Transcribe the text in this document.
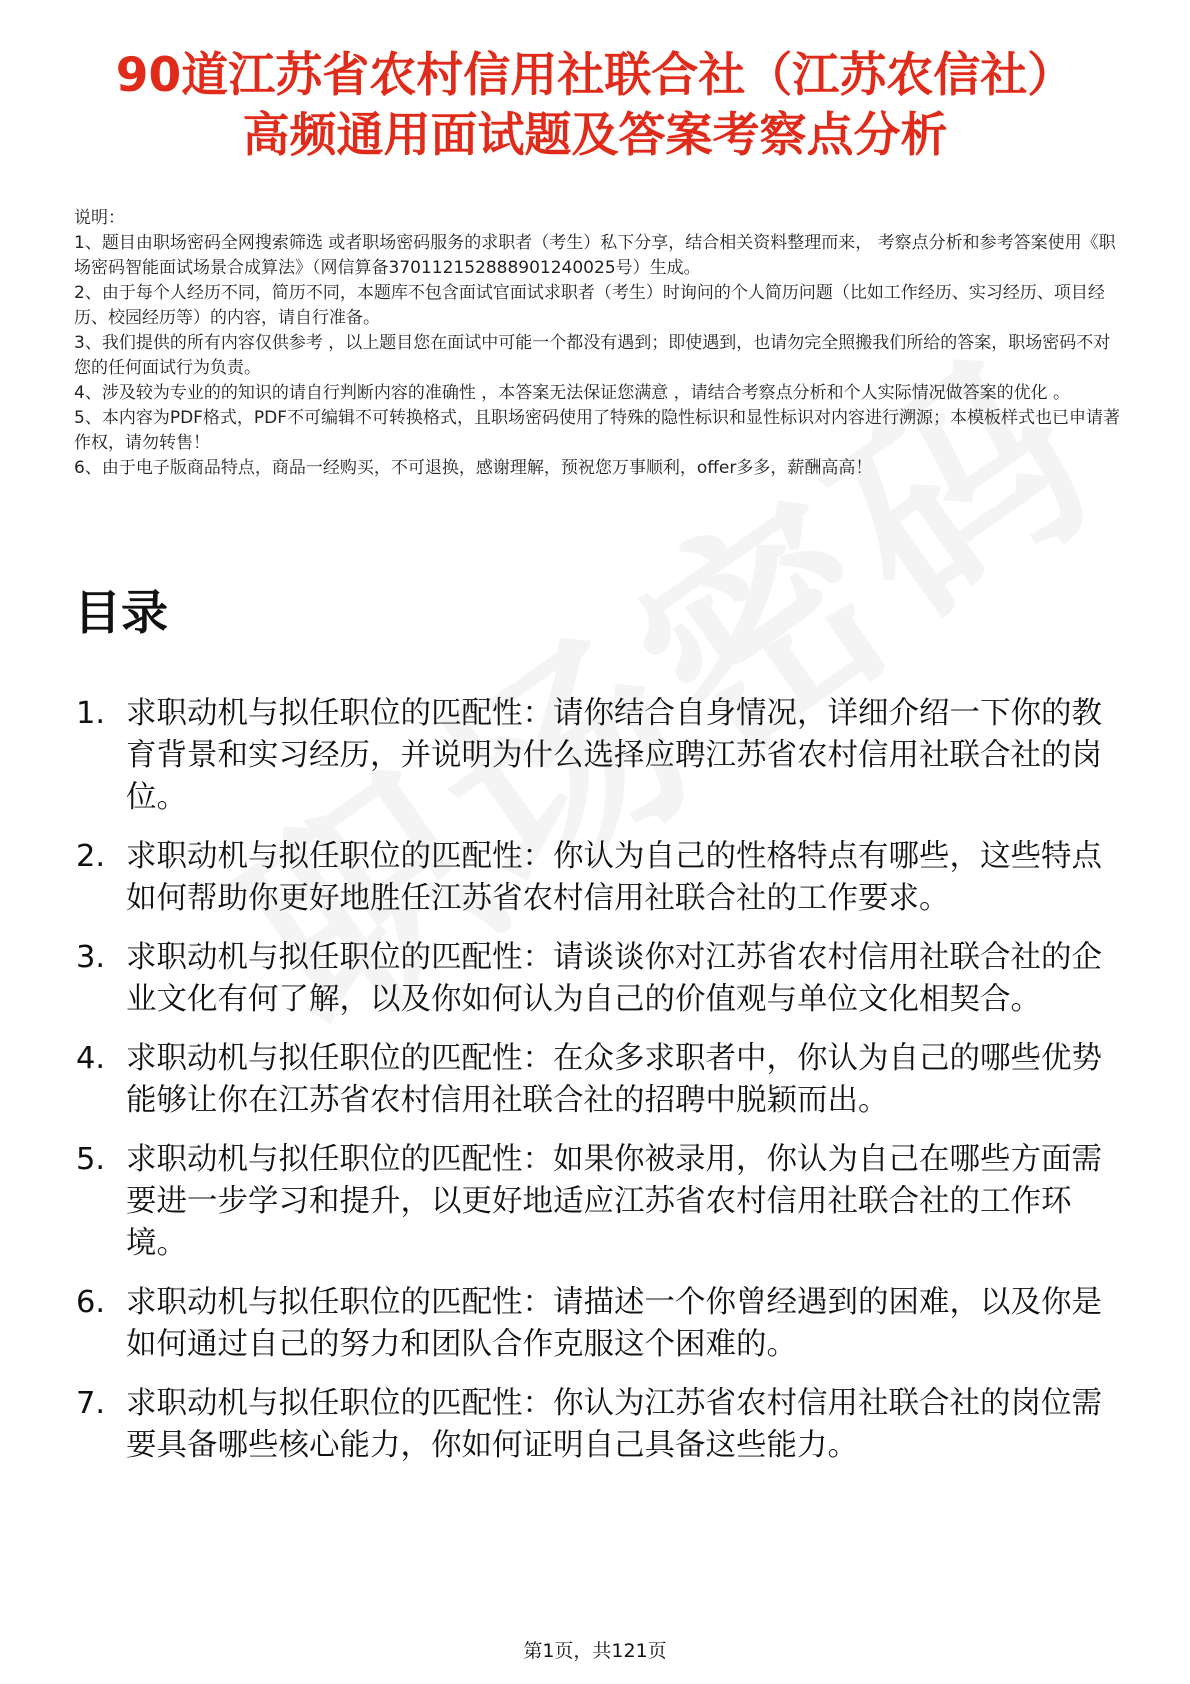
90道江苏省农村信用社联合社（江苏农信社）
高频通用面试题及答案考察点分析

说明：

1、题目由职场密码全网搜索筛选 或者职场密码服务的求职者（考生）私下分享，结合相关资料整理而来， 考察点分析和参考答案使用《职场密码智能面试场景合成算法》（网信算备370112152888901240025号）生成。

2、由于每个人经历不同，简历不同，本题库不包含面试官面试求职者（考生）时询问的个人简历问题（比如工作经历、实习经历、项目经历、校园经历等）的内容，请自行准备。

3、我们提供的所有内容仅供参考 ，以上题目您在面试中可能一个都没有遇到；即使遇到，也请勿完全照搬我们所给的答案，职场密码不对您的任何面试行为负责。

4、涉及较为专业的的知识的请自行判断内容的准确性 ，本答案无法保证您满意 ，请结合考察点分析和个人实际情况做答案的优化 。

5、本内容为PDF格式，PDF不可编辑不可转换格式，且职场密码使用了特殊的隐性标识和显性标识对内容进行溯源；本模板样式也已申请著作权，请勿转售！

6、由于电子版商品特点，商品一经购买，不可退换，感谢理解，预祝您万事顺利，offer多多，薪酬高高！

目录
1. 求职动机与拟任职位的匹配性：请你结合自身情况，详细介绍一下你的教育背景和实习经历，并说明为什么选择应聘江苏省农村信用社联合社的岗位。
2. 求职动机与拟任职位的匹配性：你认为自己的性格特点有哪些，这些特点如何帮助你更好地胜任江苏省农村信用社联合社的工作要求。
3. 求职动机与拟任职位的匹配性：请谈谈你对江苏省农村信用社联合社的企业文化有何了解，以及你如何认为自己的价值观与单位文化相契合。
4. 求职动机与拟任职位的匹配性：在众多求职者中，你认为自己的哪些优势能够让你在江苏省农村信用社联合社的招聘中脱颖而出。
5. 求职动机与拟任职位的匹配性：如果你被录用，你认为自己在哪些方面需要进一步学习和提升，以更好地适应江苏省农村信用社联合社的工作环境。
6. 求职动机与拟任职位的匹配性：请描述一个你曾经遇到的困难，以及你是如何通过自己的努力和团队合作克服这个困难的。
7. 求职动机与拟任职位的匹配性：你认为江苏省农村信用社联合社的岗位需要具备哪些核心能力，你如何证明自己具备这些能力。
第1页，共121页
